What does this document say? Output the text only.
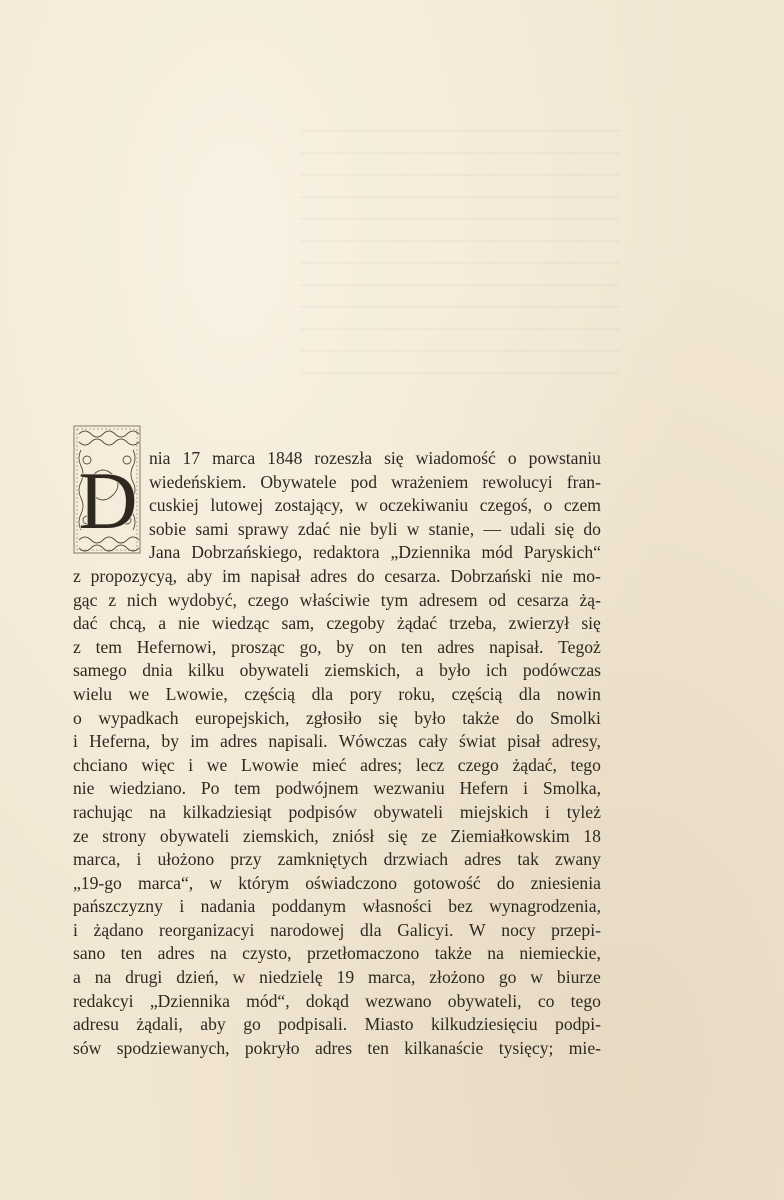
D nia 17 marca 1848 rozeszła się wiadomość o powstaniu
wiedeńskiem. Obywatele pod wrażeniem rewolucyi fran-
cuskiej lutowej zostający, w oczekiwaniu czegoś, o czem
sobie sami sprawy zdać nie byli w stanie, — udali się do
Jana Dobrzańskiego, redaktora „Dziennika mód Paryskich“
z propozycyą, aby im napisał adres do cesarza. Dobrzański nie mo-
gąc z nich wydobyć, czego właściwie tym adresem od cesarza żą-
dać chcą, a nie wiedząc sam, czegoby żądać trzeba, zwierzył się
z tem Hefernowi, prosząc go, by on ten adres napisał. Tegoż
samego dnia kilku obywateli ziemskich, a było ich podówczas
wielu we Lwowie, częścią dla pory roku, częścią dla nowin
o wypadkach europejskich, zgłosiło się było także do Smolki
i Heferna, by im adres napisali. Wówczas cały świat pisał adresy,
chciano więc i we Lwowie mieć adres; lecz czego żądać, tego
nie wiedziano. Po tem podwójnem wezwaniu Hefern i Smolka,
rachując na kilkadziesiąt podpisów obywateli miejskich i tyleż
ze strony obywateli ziemskich, zniósł się ze Ziemiałkowskim 18
marca, i ułożono przy zamkniętych drzwiach adres tak zwany
„19-go marca“, w którym oświadczono gotowość do zniesienia
pańszczyzny i nadania poddanym własności bez wynagrodzenia,
i żądano reorganizacyi narodowej dla Galicyi. W nocy przepi-
sano ten adres na czysto, przetłomaczono także na niemieckie,
a na drugi dzień, w niedzielę 19 marca, złożono go w biurze
redakcyi „Dziennika mód“, dokąd wezwano obywateli, co tego
adresu żądali, aby go podpisali. Miasto kilkudziesięciu podpi-
sów spodziewanych, pokryło adres ten kilkanaście tysięcy; mie-
